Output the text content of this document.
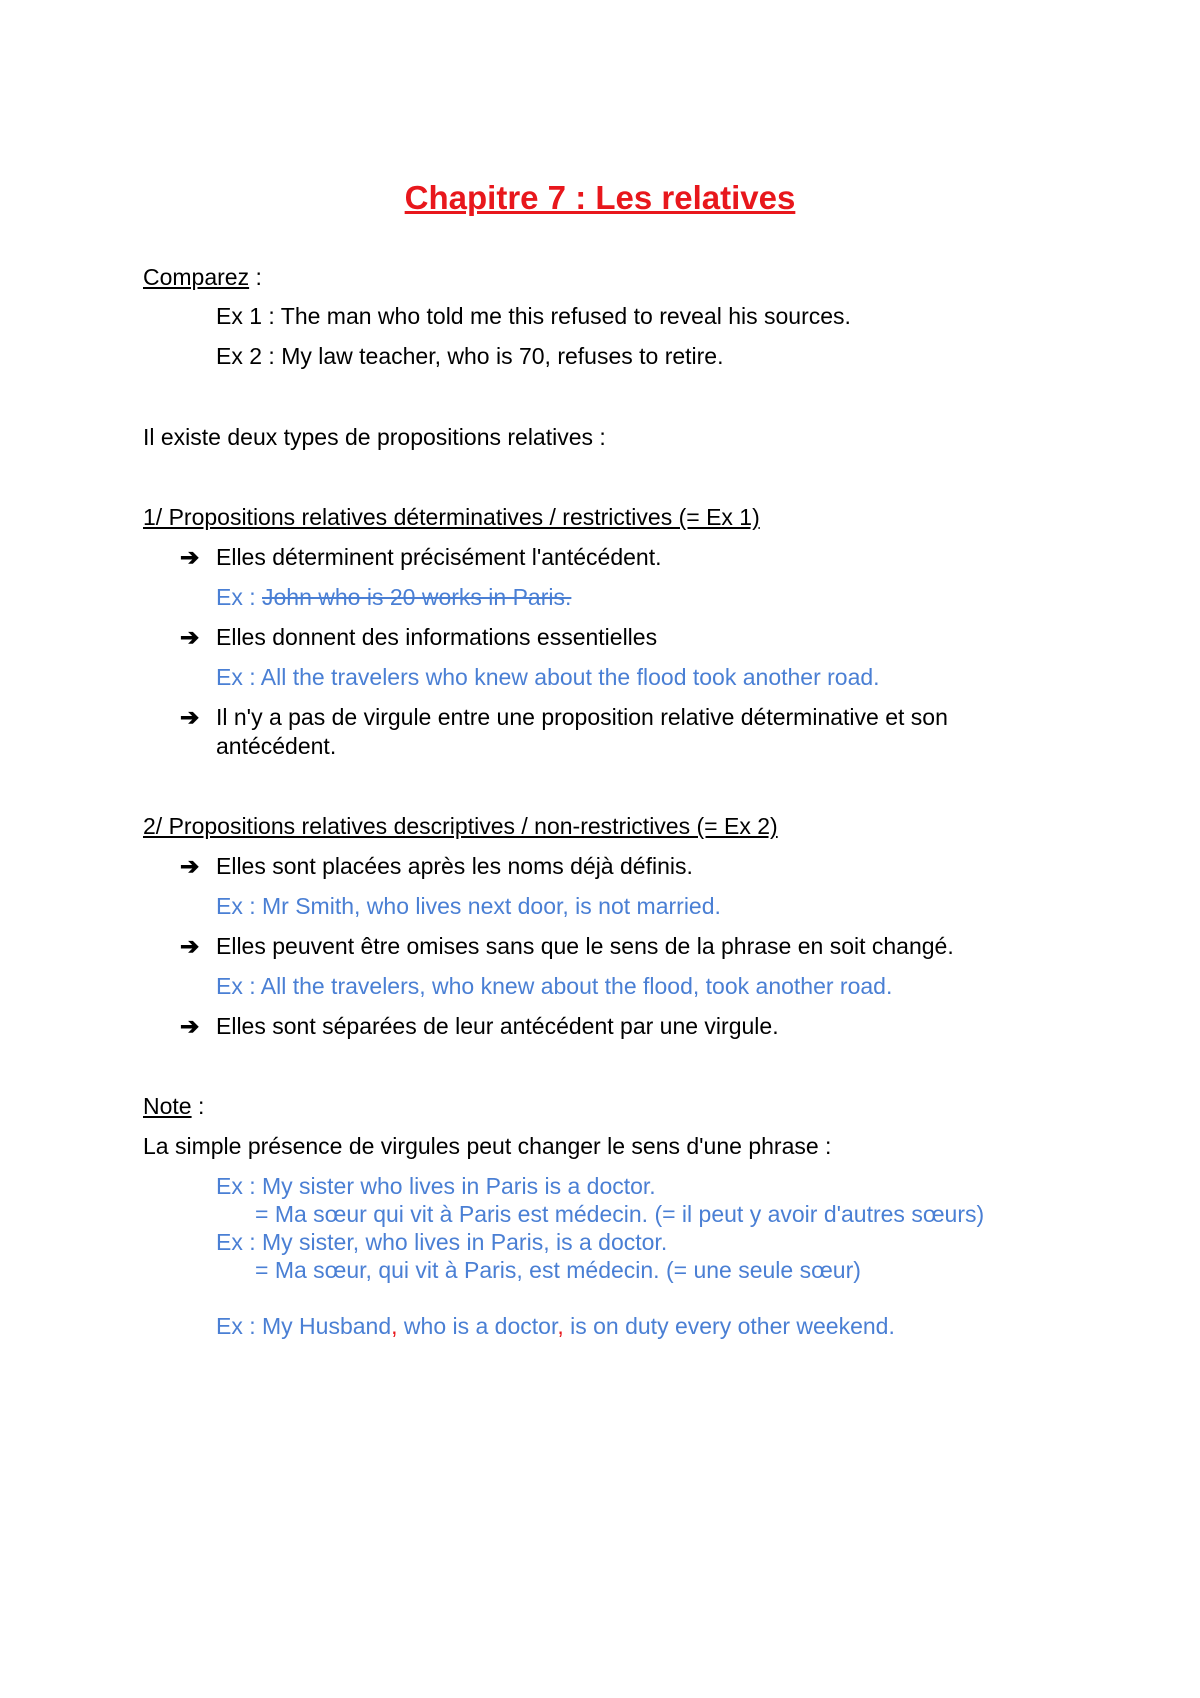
Chapitre 7 : Les relatives
Comparez :
Ex 1 : The man who told me this refused to reveal his sources.
Ex 2 : My law teacher, who is 70, refuses to retire.
Il existe deux types de propositions relatives :
1/ Propositions relatives déterminatives / restrictives (= Ex 1)
➔ Elles déterminent précisément l'antécédent.
Ex : John who is 20 works in Paris.
➔ Elles donnent des informations essentielles
Ex : All the travelers who knew about the flood took another road.
➔ Il n'y a pas de virgule entre une proposition relative déterminative et son
antécédent.
2/ Propositions relatives descriptives / non-restrictives (= Ex 2)
➔ Elles sont placées après les noms déjà définis.
Ex : Mr Smith, who lives next door, is not married.
➔ Elles peuvent être omises sans que le sens de la phrase en soit changé.
Ex : All the travelers, who knew about the flood, took another road.
➔ Elles sont séparées de leur antécédent par une virgule.
Note :
La simple présence de virgules peut changer le sens d'une phrase :
Ex : My sister who lives in Paris is a doctor.
= Ma sœur qui vit à Paris est médecin. (= il peut y avoir d'autres sœurs)
Ex : My sister, who lives in Paris, is a doctor.
= Ma sœur, qui vit à Paris, est médecin. (= une seule sœur)
Ex : My Husband, who is a doctor, is on duty every other weekend.
